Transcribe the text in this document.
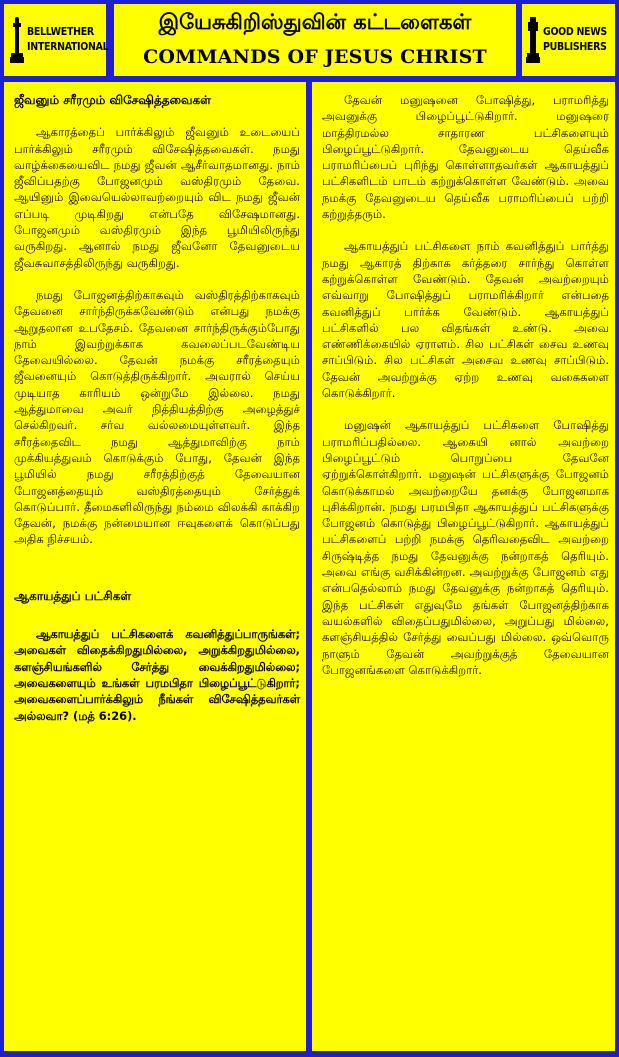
BELLWETHER
INTERNATIONAL
இயேசுகிறிஸ்துவின் கட்டளைகள்
COMMANDS OF JESUS CHRIST
GOOD NEWS
PUBLISHERS
ஜீவனும் சரீரமும் விசேஷித்தவைகள்

ஆகாரத்தைப் பார்க்கிலும் ஜீவனும் உடையைப் பார்க்கிலும் சரீரமும் விசேஷித்தவைகள். நமது வாழ்க்கையைவிட நமது ஜீவன் ஆசீர்வாதமானது. நாம் ஜீவிப்பதற்கு போஜனமும் வஸ்திரமும் தேவை. ஆயினும் இவையெல்லாவற்றையும் விட நமது ஜீவன் எப்படி முடிகிறது என்பதே விசேஷமானது. போஜனமும் வஸ்திரமும் இந்த பூமியிலிருந்து வருகிறது. ஆனால் நமது ஜீவனோ தேவனுடைய ஜீவசுவாசத்திலிருந்து வருகிறது.

நமது போஜனத்திற்காகவும் வஸ்திரத்திற்காகவும் தேவனை சார்ந்திருக்கவேண்டும் என்பது நமக்கு ஆறுதலான உபதேசம். தேவனை சார்ந்திருக்கும்போது நாம் இவற்றுக்காக கவலைப்படவேண்டிய தேவையில்லை. தேவன் நமக்கு சரீரத்தையும் ஜீவனையும் கொடுத்திருக்கிறார். அவரால் செய்ய முடியாத காரியம் ஒன்றுமே இல்லை. நமது ஆத்துமாவை அவர் நித்தியத்திற்கு அழைத்துச் செல்கிறவர். சர்வ வல்லமையுள்ளவர். இந்த சரீரத்தைவிட நமது ஆத்துமாவிற்கு நாம் முக்கியத்துவம் கொடுக்கும் போது, தேவன் இந்த பூமியில் நமது சரீரத்திற்குத் தேவையான போஜனத்தையும் வஸ்திரத்தையும் சேர்த்துக் கொடுப்பார். தீமைகளிலிருந்து நம்மை விலக்கி காக்கிற தேவன், நமக்கு நன்மையான ஈவுகளைக் கொடுப்பது அதிக நிச்சயம்.

ஆகாயத்துப் பட்சிகள்

ஆகாயத்துப் பட்சிகளைக் கவனித்துப்பாருங்கள்; அவைகள் விதைக்கிறதுமில்லை, அறுக்கிறதுமில்லை, களஞ்சியங்களில் சேர்த்து வைக்கிறதுமில்லை; அவைகளையும் உங்கள் பரமபிதா பிழைப்பூட்டுகிறார்; அவைகளைப்பார்க்கிலும் நீங்கள் விசேஷித்தவர்கள் அல்லவா? (மத் 6:26).

தேவன் மனுஷனை போஷித்து, பராமரித்து அவனுக்கு பிழைப்பூட்டுகிறார். மனுஷரை மாத்திரமல்ல சாதாரண பட்சிகளையும் பிழைப்பூட்டுகிறார். தேவனுடைய தெய்வீக பராமரிப்பைப் புரிந்து கொள்ளாதவர்கள் ஆகாயத்துப் பட்சிகளிடம் பாடம் கற்றுக்கொள்ள வேண்டும். அவை நமக்கு தேவனுடைய தெய்வீக பராமரிப்பைப் பற்றி கற்றுத்தரும்.

ஆகாயத்துப் பட்சிகளை நாம் கவனித்துப் பார்த்து நமது ஆகாரத் திற்காக கர்த்தரை சார்ந்து கொள்ள கற்றுக்கொள்ள வேண்டும். தேவன் அவற்றையும் எவ்வாறு போஷித்துப் பராமரிக்கிறார் என்பதை கவனித்துப் பார்க்க வேண்டும். ஆகாயத்துப் பட்சிகளில் பல விதங்கள் உண்டு. அவை எண்ணிக்கையில் ஏராளம். சில பட்சிகள் சைவ உணவு சாப்பிடும். சில பட்சிகள் அசைவ உணவு சாப்பிடும். தேவன் அவற்றுக்கு ஏற்ற உணவு வகைகளை கொடுக்கிறார்.

மனுஷன் ஆகாயத்துப் பட்சிகளை போஷித்து பராமரிப்பதில்லை. ஆகையி னால் அவற்றை பிழைப்பூட்டும் பொறுப்பை தேவனே ஏற்றுக்கொள்கிறார். மனுஷன் பட்சிகளுக்கு போஜனம் கொடுக்காமல் அவற்றையே தனக்கு போஜனமாக புசிக்கிறான். நமது பரமபிதா ஆகாயத்துப் பட்சிகளுக்கு போஜனம் கொடுத்து பிழைப்பூட்டுகிறார். ஆகாயத்துப் பட்சிகளைப் பற்றி நமக்கு தெரிவதைவிட அவற்றை சிருஷ்டித்த நமது தேவனுக்கு நன்றாகத் தெரியும். அவை எங்கு வசிக்கின்றன. அவற்றுக்கு போஜனம் எது என்பதெல்லாம் நமது தேவனுக்கு நன்றாகத் தெரியும். இந்த பட்சிகள் எதுவுமே தங்கள் போஜனத்திற்காக வயல்களில் விதைப்பதுமில்லை, அறுப்பது மில்லை, களஞ்சியத்தில் சேர்த்து வைப்பது மில்லை. ஒவ்வொரு நாளும் தேவன் அவற்றுக்குத் தேவையான போஜனங்களை கொடுக்கிறார்.
